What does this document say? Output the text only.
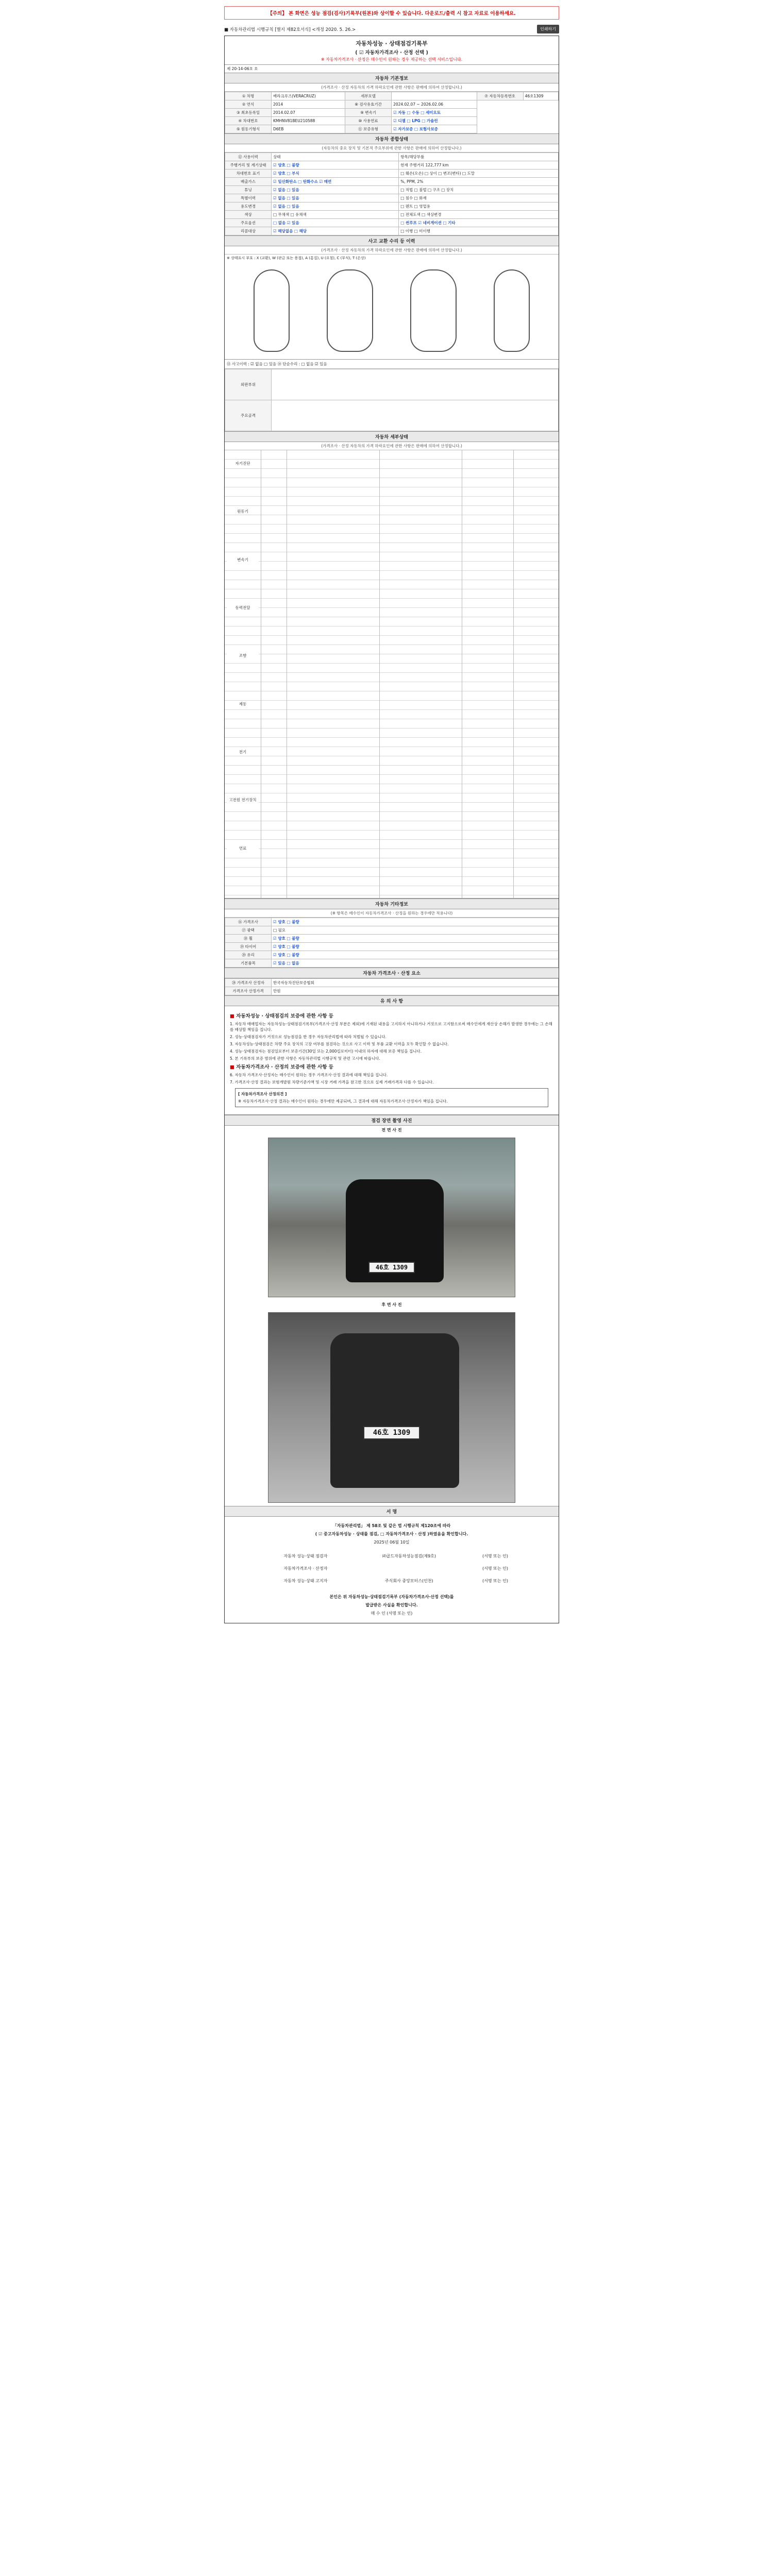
【주의】 본 화면은 성능 점검(검사)기록부(원본)와 상이할 수 있습니다. 다운로드/출력 시 참고 자료로 이용하세요.
■ 자동차관리법 시행규칙 [별지 제82호서식] <개정 2020. 5. 26.>	인쇄하기
자동차성능 · 상태점검기록부
( ☑ 자동차가격조사 · 산정 선택 )
※ 자동차가격조사 · 산정은 매수인이 원하는 경우 제공하는 선택 서비스입니다.
제 20-14-06호 호
자동차 기본정보
(가격조사 · 산정 자동차의 가격 하락요인에 관한 사항은 판매에 의하여 산정합니다.)
① 차명	베라크루즈(VERACRUZ)	세부모델		⑦ 자동차등록번호	46호1309
② 연식	2014	⑧ 검사유효기간	2024.02.07 ~ 2026.02.06		
③ 최초등록일	2014.02.07	⑨ 변속기	☑ 자동 □ 수동 □ 세미오토		
④ 차대번호	KMHNV81BEU210588	⑩ 사용연료	☑ 디젤 □ LPG □ 가솔린		
⑤ 원동기형식	D6EB	⑪ 보증유형	☑ 자가보증 □ 보험사보증		
자동차 종합상태
(자동차의 중요 장치 및 기본적 주요부위에 관한 사항은 판매에 의하여 산정합니다.)
⑫ 사용이력	상태	항목/해당부품
주행거리 및 계기상태	☑ 양호 □ 불량	현재 주행거리 122,777 km
차대번호 표기	☑ 양호 □ 부식	□ 훼손(오손) □ 상이 □ 변조(변타) □ 도말
배출가스	☑ 일산화탄소 □ 탄화수소 ☑ 매연	%, PPM, 2%
튜닝	☑ 없음 □ 있음	□ 적법 □ 불법 □ 구조 □ 장치
특별이력	☑ 없음 □ 있음	□ 침수 □ 화재
용도변경	☑ 없음 □ 있음	□ 렌트 □ 영업용
색상	□ 무채색 □ 유채색	□ 전체도색 □ 색상변경
주요옵션	□ 없음 ☑ 있음	□ 썬루프 ☑ 네비게이션 □ 기타
리콜대상	☑ 해당없음 □ 해당	□ 이행 □ 미이행
사고 교환 수리 등 이력
(가격조사 · 산정 자동차의 가격 하락요인에 관한 사항은 판매에 의하여 산정합니다.)
※ 상태표시 부호 : X (교환), W (판금 또는 용접), A (흠집), U (요철), C (부식), T (손상)
⑬ 사고이력 : ☑ 없음 □ 있음 ⑭ 단순수리 : □ 없음 ☑ 있음
외판부위	
주요골격	
자동차 세부상태
(가격조사 · 산정 자동차의 가격 하락요인에 관한 사항은 판매에 의하여 산정합니다.)
자기진단
원동기
변속기
동력전달
조향
제동
전기
고전원 전기장치
연료
자동차 기타정보
(※ 항목은 매수인이 자동차가격조사 · 산정을 원하는 경우에만 적용니다)
⑯ 가격조사	☑ 양호 □ 불량
⑰ 광택	□ 필요
⑱ 휠	☑ 양호 □ 불량
⑲ 타이어	☑ 양호 □ 불량
⑳ 유리	☑ 양호 □ 불량
기본품목	☑ 있음 □ 없음
자동차 가격조사 · 산정 요소
⑳ 가격조사 산정자	한국자동차진단보증협회
가격조사 산정가격	만원
유 의 사 항
■ 자동차성능 · 상태점검의 보증에 관한 사항 등

1. 자동차 매매업자는 자동차성능·상태점검기록부(가격조사·산정 부분은 제외)에 기재된 내용을 고지하지 아니하거나 거짓으로 고지함으로써 매수인에게 재산상 손해가 발생한 경우에는 그 손해를 배상할 책임을 집니다.

2. 성능·상태점검자가 거짓으로 성능점검을 한 경우 자동차관리법에 따라 처벌될 수 있습니다.

3. 자동차성능·상태점검은 차량 주요 장치의 고장 여부를 점검하는 것으로 사고 이력 및 부품 교환 이력을 모두 확인할 수 없습니다.

4. 성능·상태점검자는 점검일로부터 보증기간(30일 또는 2,000킬로미터) 이내의 하자에 대해 보증 책임을 집니다.

5. 본 기록부의 보증 범위에 관한 사항은 자동차관리법 시행규칙 및 관련 고시에 따릅니다.

■ 자동차가격조사 · 산정의 보증에 관한 사항 등

6. 자동차 가격조사·산정자는 매수인이 원하는 경우 가격조사·산정 결과에 대해 책임을 집니다.

7. 가격조사·산정 결과는 보험개발원 차량기준가액 및 시장 거래 가격을 참고한 것으로 실제 거래가격과 다를 수 있습니다.

[ 자동차가격조사 산정의견 ]
※ 자동차가격조사·산정 결과는 매수인이 원하는 경우에만 제공되며, 그 결과에 대해 자동차가격조사·산정자가 책임을 집니다.
점검 장면 촬영 사진
전 면 사 진
46호 1309
후 면 사 진
46호 1309
서 명
「자동차관리법」 제 58조 및 같은 법 시행규칙 제120조에 따라
( ☑ 중고자동차성능 · 상태를 점검, □ 자동차가격조사 · 산정 )하였음을 확인합니다.
2025년 06월 10일
자동차 성능·상태 점검자	㈜골드자동차성능점검(제9호)	(서명 또는 인)
자동차가격조사 · 산정자		(서명 또는 인)
자동차 성능·상태 고지자	주식회사 중앙모터스(인천)	(서명 또는 인)
본인은 위 자동차성능·상태점검기록부 (자동차가격조사·산정 선택)를
발급받은 사실을 확인합니다.
매 수 인 (서명 또는 인)
